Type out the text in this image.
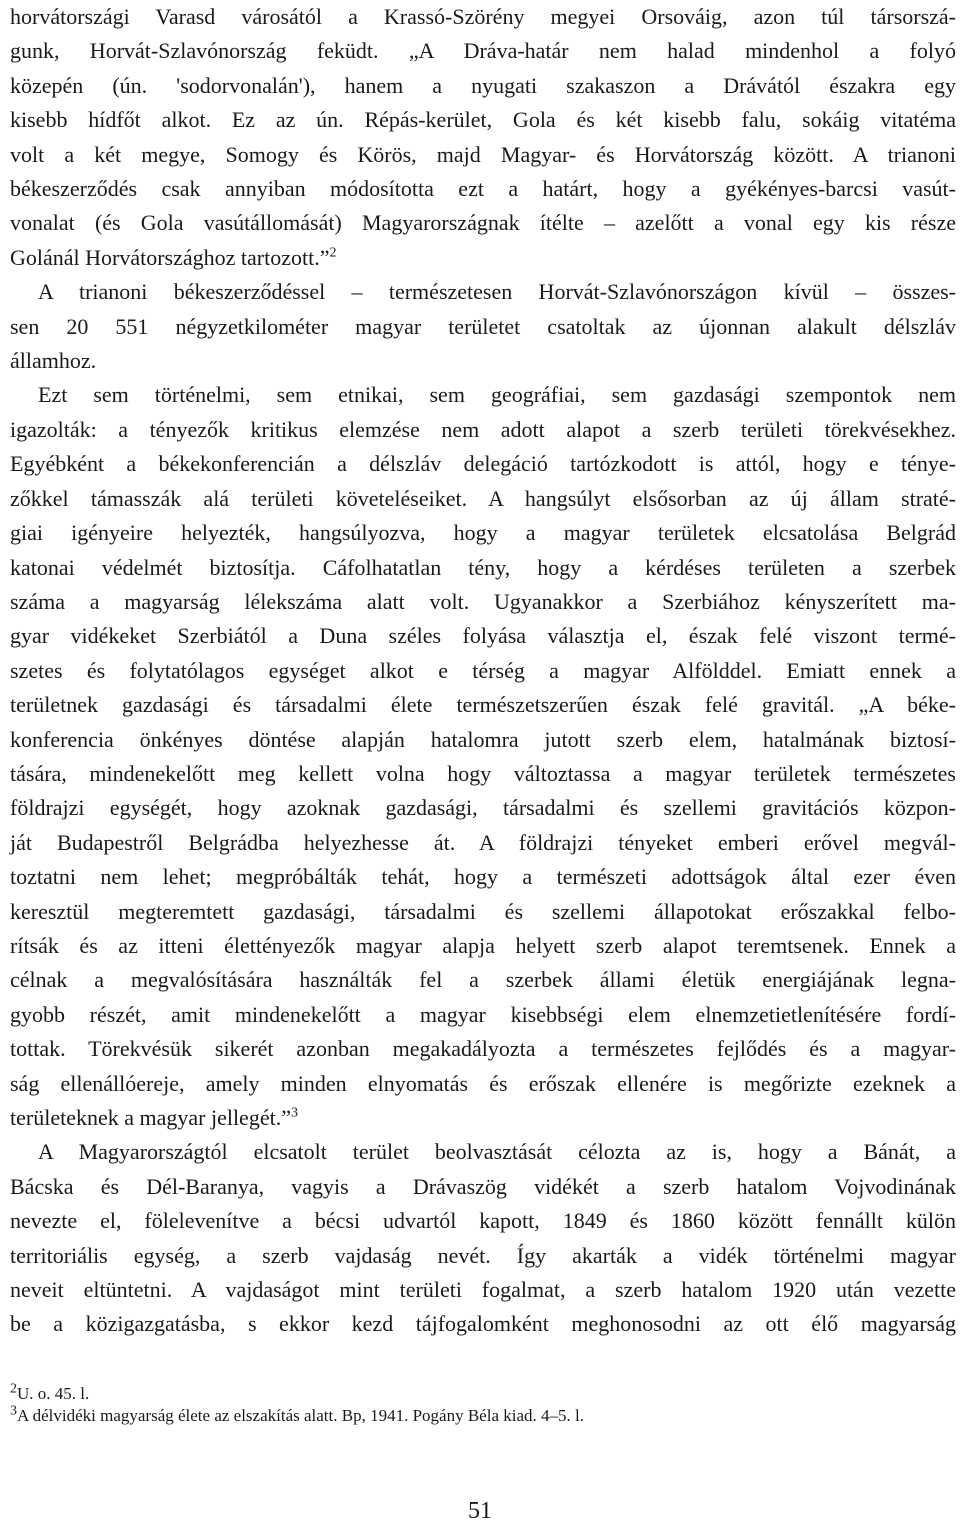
horvátországi Varasd városától a Krassó-Szörény megyei Orsováig, azon túl társorszá-
gunk, Horvát-Szlavónország feküdt. „A Dráva-határ nem halad mindenhol a folyó
közepén (ún. 'sodorvonalán'), hanem a nyugati szakaszon a Drávától északra egy
kisebb hídfőt alkot. Ez az ún. Répás-kerület, Gola és két kisebb falu, sokáig vitatéma
volt a két megye, Somogy és Körös, majd Magyar- és Horvátország között. A trianoni
békeszerződés csak annyiban módosította ezt a határt, hogy a gyékényes-barcsi vasút-
vonalat (és Gola vasútállomását) Magyarországnak ítélte – azelőtt a vonal egy kis része
Golánál Horvátországhoz tartozott.”$^2$
A trianoni békeszerződéssel – természetesen Horvát-Szlavónországon kívül – összes-
sen 20 551 négyzetkilométer magyar területet csatoltak az újonnan alakult délszláv
államhoz.
Ezt sem történelmi, sem etnikai, sem geográfiai, sem gazdasági szempontok nem
igazolták: a tényezők kritikus elemzése nem adott alapot a szerb területi törekvésekhez.
Egyébként a békekonferencián a délszláv delegáció tartózkodott is attól, hogy e ténye-
zőkkel támasszák alá területi követeléseiket. A hangsúlyt elsősorban az új állam straté-
giai igényeire helyezték, hangsúlyozva, hogy a magyar területek elcsatolása Belgrád
katonai védelmét biztosítja. Cáfolhatatlan tény, hogy a kérdéses területen a szerbek
száma a magyarság lélekszáma alatt volt. Ugyanakkor a Szerbiához kényszerített ma-
gyar vidékeket Szerbiától a Duna széles folyása választja el, észak felé viszont termé-
szetes és folytatólagos egységet alkot e térség a magyar Alfölddel. Emiatt ennek a
területnek gazdasági és társadalmi élete természetszerűen észak felé gravitál. „A béke-
konferencia önkényes döntése alapján hatalomra jutott szerb elem, hatalmának biztosí-
tására, mindenekelőtt meg kellett volna hogy változtassa a magyar területek természetes
földrajzi egységét, hogy azoknak gazdasági, társadalmi és szellemi gravitációs közpon-
ját Budapestről Belgrádba helyezhesse át. A földrajzi tényeket emberi erővel megvál-
toztatni nem lehet; megpróbálták tehát, hogy a természeti adottságok által ezer éven
keresztül megteremtett gazdasági, társadalmi és szellemi állapotokat erőszakkal felbo-
rítsák és az itteni élettényezők magyar alapja helyett szerb alapot teremtsenek. Ennek a
célnak a megvalósítására használták fel a szerbek állami életük energiájának legna-
gyobb részét, amit mindenekelőtt a magyar kisebbségi elem elnemzetietlenítésére fordí-
tottak. Törekvésük sikerét azonban megakadályozta a természetes fejlődés és a magyar-
ság ellenállóereje, amely minden elnyomatás és erőszak ellenére is megőrizte ezeknek a
területeknek a magyar jellegét.”$^3$
A Magyarországtól elcsatolt terület beolvasztását célozta az is, hogy a Bánát, a
Bácska és Dél-Baranya, vagyis a Drávaszög vidékét a szerb hatalom Vojvodinának
nevezte el, fölelevenítve a bécsi udvartól kapott, 1849 és 1860 között fennállt külön
territoriális egység, a szerb vajdaság nevét. Így akarták a vidék történelmi magyar
neveit eltüntetni. A vajdaságot mint területi fogalmat, a szerb hatalom 1920 után vezette
be a közigazgatásba, s ekkor kezd tájfogalomként meghonosodni az ott élő magyarság
$^2$U. o. 45. l.
$^3$A délvidéki magyarság élete az elszakítás alatt. Bp, 1941. Pogány Béla kiad. 4–5. l.
51
